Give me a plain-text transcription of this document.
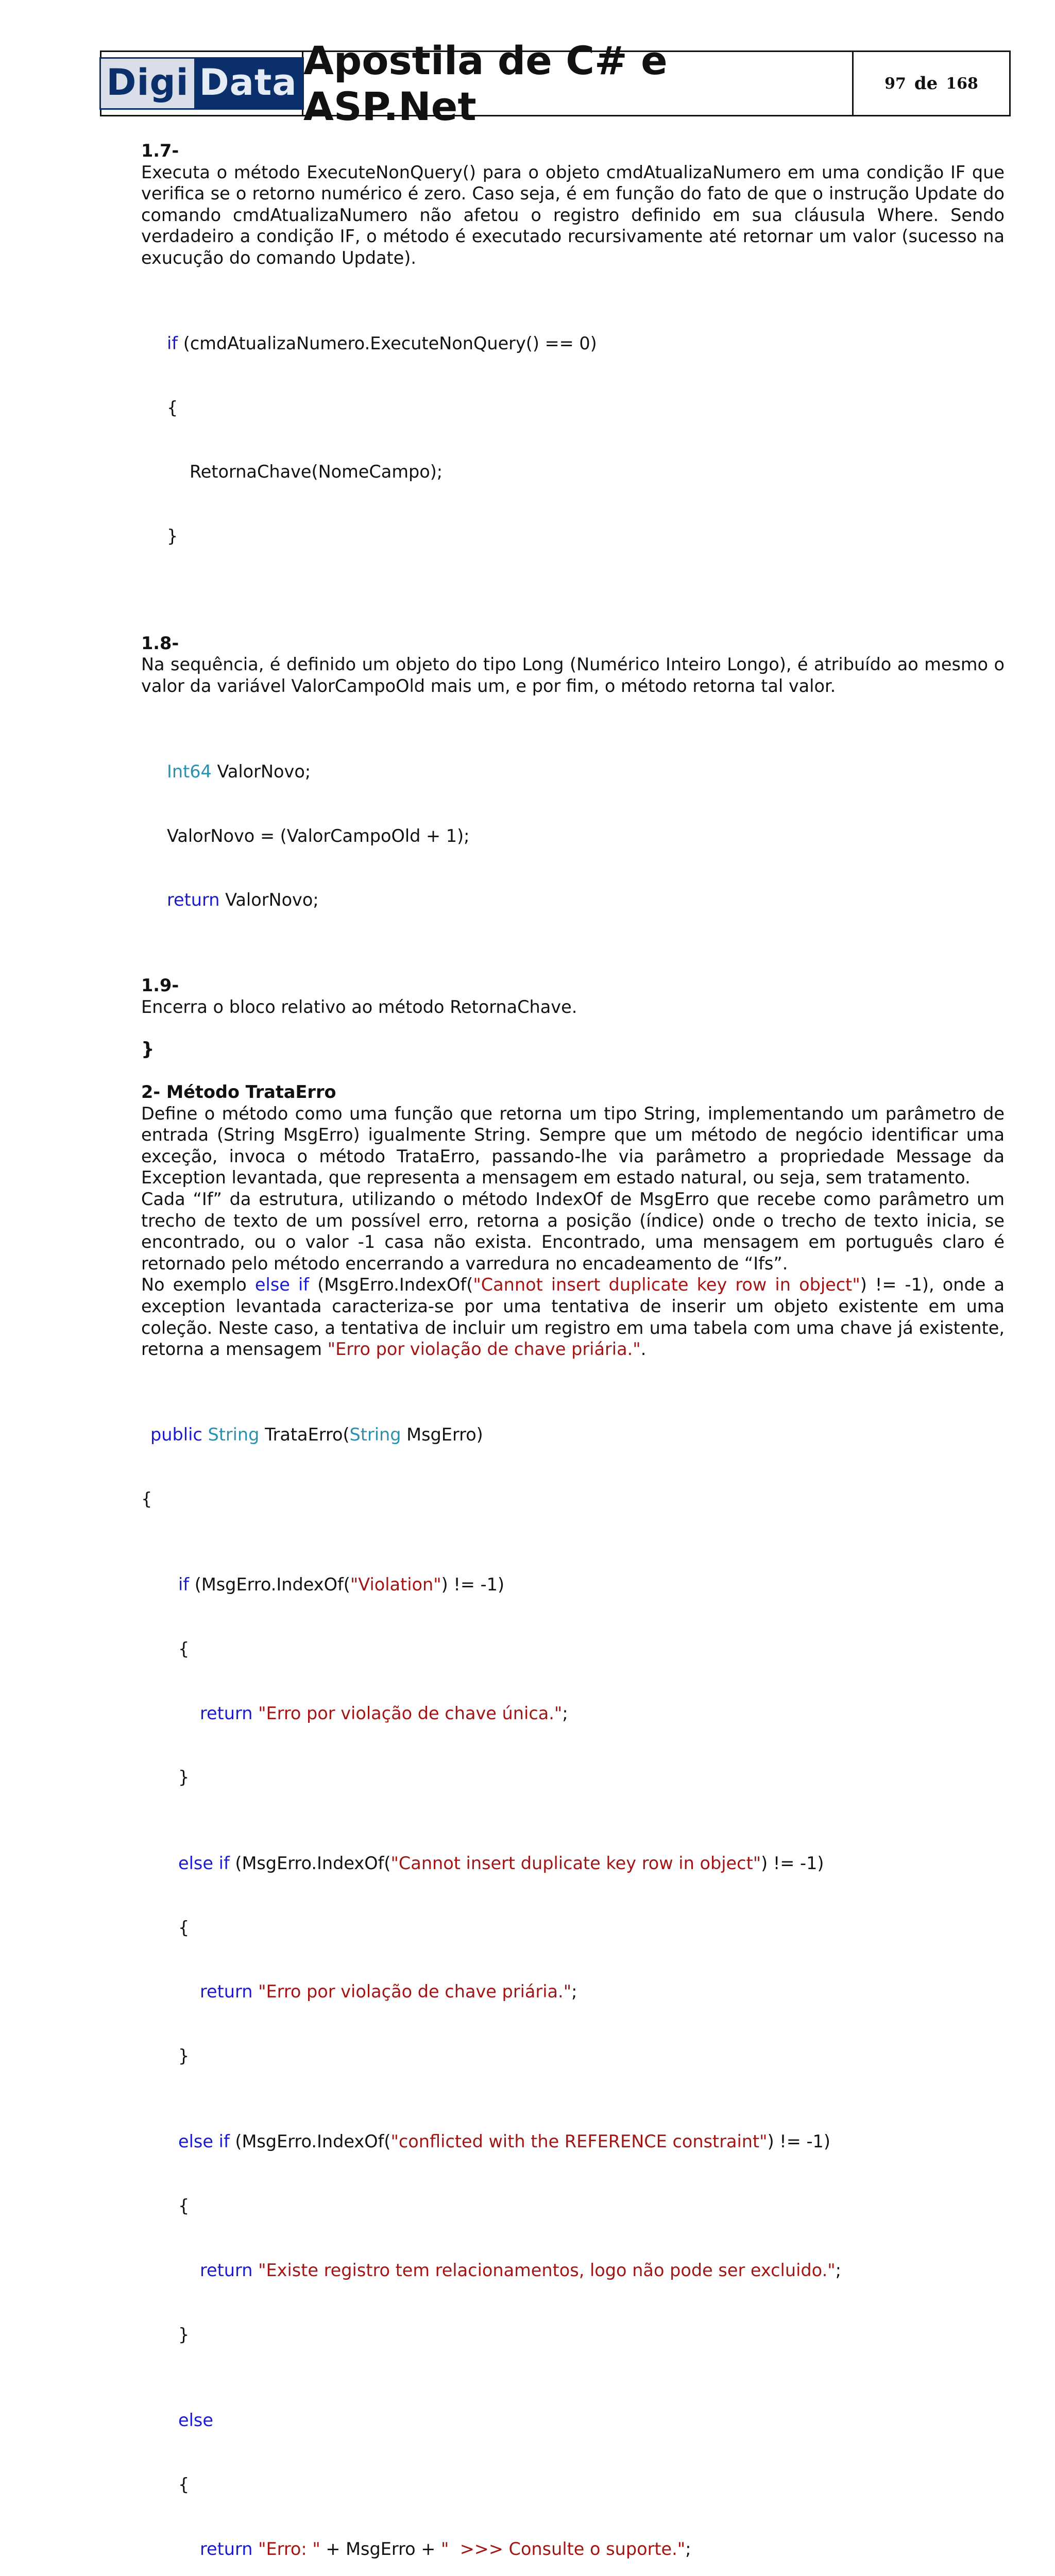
Digi Data Apostila de C# e ASP.Net	97 de 168
1.7-

Executa o método ExecuteNonQuery() para o objeto cmdAtualizaNumero em uma condição IF que verifica se o retorno numérico é zero. Caso seja, é em função do fato de que o instrução Update do comando cmdAtualizaNumero não afetou o registro definido em sua cláusula Where. Sendo verdadeiro a condição IF, o método é executado recursivamente até retornar um valor (sucesso na exucução do comando Update).

if (cmdAtualizaNumero.ExecuteNonQuery() == 0)

{

RetornaChave(NomeCampo);

}

1.8-

Na sequência, é definido um objeto do tipo Long (Numérico Inteiro Longo), é atribuído ao mesmo o valor da variável ValorCampoOld mais um, e por fim, o método retorna tal valor.

Int64 ValorNovo;

ValorNovo = (ValorCampoOld + 1);

return ValorNovo;

1.9-

Encerra o bloco relativo ao método RetornaChave.

}
2- Método TrataErro

Define o método como uma função que retorna um tipo String, implementando um parâmetro de entrada (String MsgErro) igualmente String. Sempre que um método de negócio identificar uma exceção, invoca o método TrataErro, passando-lhe via parâmetro a propriedade Message da Exception levantada, que representa a mensagem em estado natural, ou seja, sem tratamento.

Cada “If” da estrutura, utilizando o método IndexOf de MsgErro que recebe como parâmetro um trecho de texto de um possível erro, retorna a posição (índice) onde o trecho de texto inicia, se encontrado, ou o valor -1 casa não exista. Encontrado, uma mensagem em português claro é retornado pelo método encerrando a varredura no encadeamento de “Ifs”.

No exemplo else if (MsgErro.IndexOf("Cannot insert duplicate key row in object") != -1), onde a exception levantada caracteriza-se por uma tentativa de inserir um objeto existente em uma coleção. Neste caso, a tentativa de incluir um registro em uma tabela com uma chave já existente, retorna a mensagem "Erro por violação de chave priária.".

public String TrataErro(String MsgErro)

{

if (MsgErro.IndexOf("Violation") != -1)

{

return "Erro por violação de chave única.";

}

else if (MsgErro.IndexOf("Cannot insert duplicate key row in object") != -1)

{

return "Erro por violação de chave priária.";

}

else if (MsgErro.IndexOf("conflicted with the REFERENCE constraint") != -1)

{

return "Existe registro tem relacionamentos, logo não pode ser excluido.";

}

else

{

return "Erro: " + MsgErro + "  >>> Consulte o suporte.";
